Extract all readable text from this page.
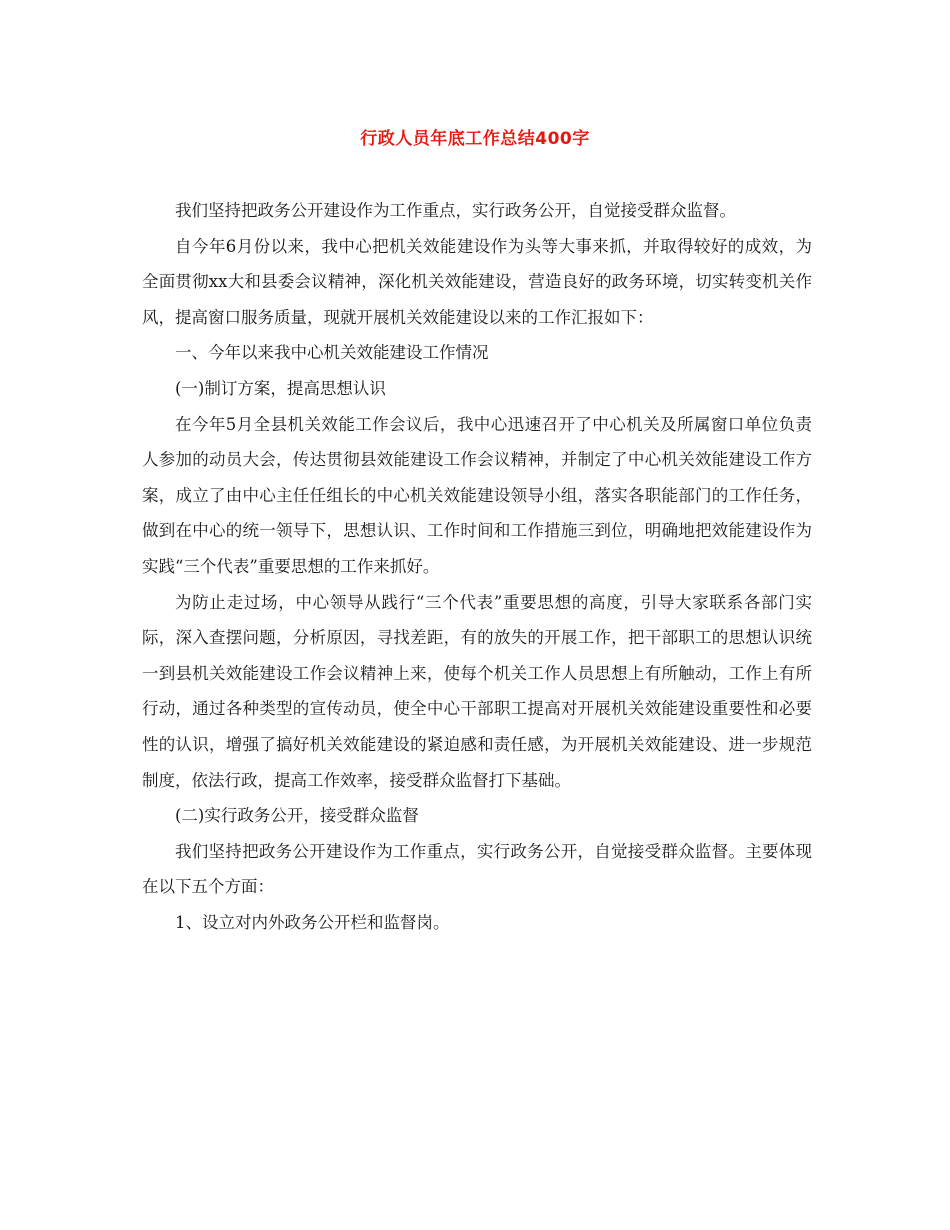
行政人员年底工作总结400字

我们坚持把政务公开建设作为工作重点，实行政务公开，自觉接受群众监督。

自今年6月份以来，我中心把机关效能建设作为头等大事来抓，并取得较好的成效，为全面贯彻xx大和县委会议精神，深化机关效能建设，营造良好的政务环境，切实转变机关作风，提高窗口服务质量，现就开展机关效能建设以来的工作汇报如下：

一、今年以来我中心机关效能建设工作情况

(一)制订方案，提高思想认识

在今年5月全县机关效能工作会议后，我中心迅速召开了中心机关及所属窗口单位负责人参加的动员大会，传达贯彻县效能建设工作会议精神，并制定了中心机关效能建设工作方案，成立了由中心主任任组长的中心机关效能建设领导小组，落实各职能部门的工作任务，做到在中心的统一领导下，思想认识、工作时间和工作措施三到位，明确地把效能建设作为实践“三个代表”重要思想的工作来抓好。

为防止走过场，中心领导从践行“三个代表”重要思想的高度，引导大家联系各部门实际，深入查摆问题，分析原因，寻找差距，有的放失的开展工作，把干部职工的思想认识统一到县机关效能建设工作会议精神上来，使每个机关工作人员思想上有所触动，工作上有所行动，通过各种类型的宣传动员，使全中心干部职工提高对开展机关效能建设重要性和必要性的认识，增强了搞好机关效能建设的紧迫感和责任感，为开展机关效能建设、进一步规范制度，依法行政，提高工作效率，接受群众监督打下基础。

(二)实行政务公开，接受群众监督

我们坚持把政务公开建设作为工作重点，实行政务公开，自觉接受群众监督。主要体现在以下五个方面：

1、设立对内外政务公开栏和监督岗。
